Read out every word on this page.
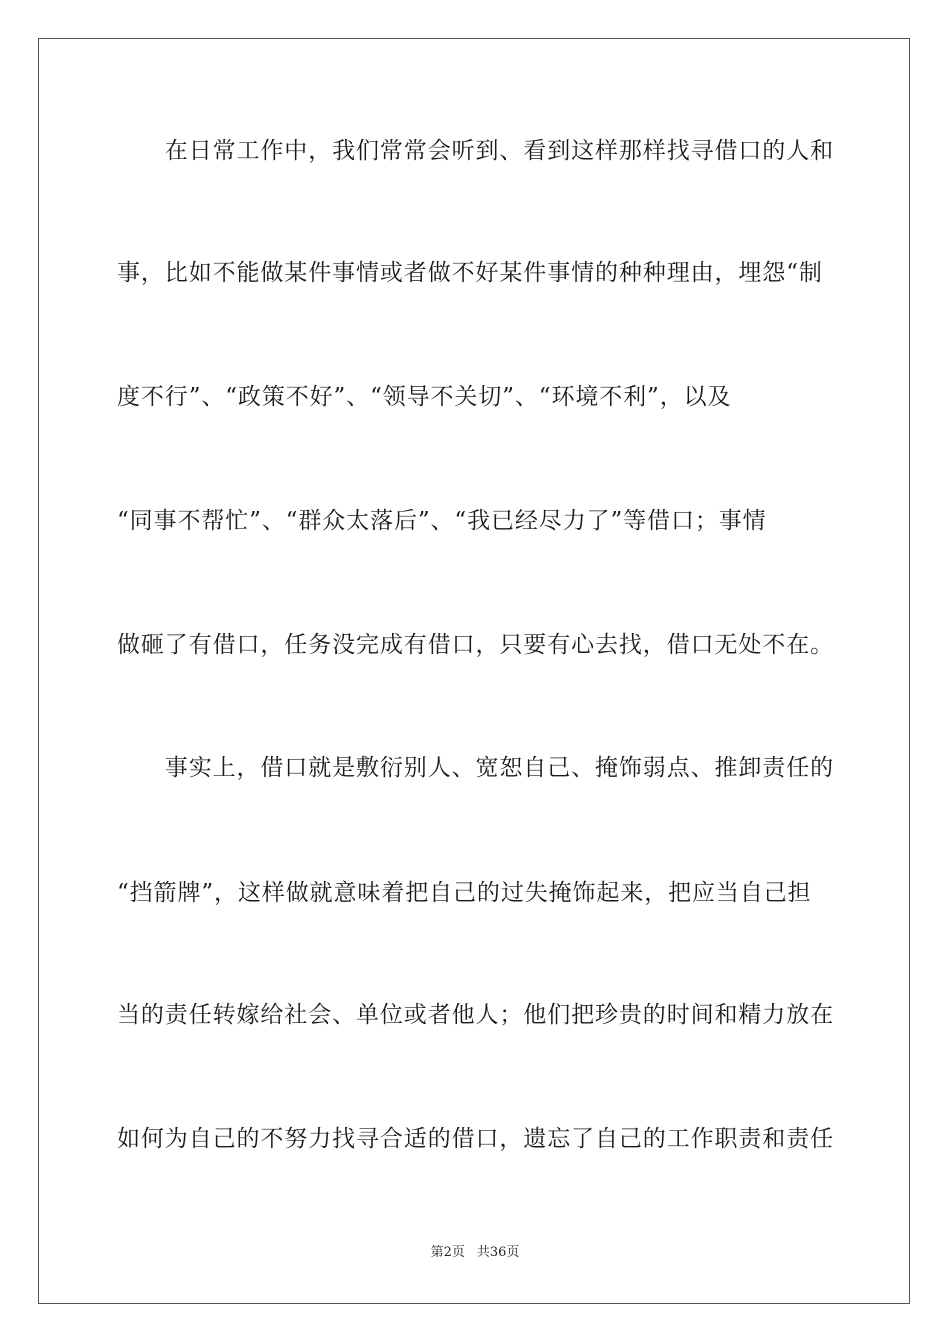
　　在日常工作中，我们常常会听到、看到这样那样找寻借口的人和
事，比如不能做某件事情或者做不好某件事情的种种理由，埋怨“制
度不行”、“政策不好”、“领导不关切”、“环境不利”，以及
“同事不帮忙”、“群众太落后”、“我已经尽力了”等借口；事情
做砸了有借口，任务没完成有借口，只要有心去找，借口无处不在。
　　事实上，借口就是敷衍别人、宽恕自己、掩饰弱点、推卸责任的
“挡箭牌”，这样做就意味着把自己的过失掩饰起来，把应当自己担
当的责任转嫁给社会、单位或者他人；他们把珍贵的时间和精力放在
如何为自己的不努力找寻合适的借口，遗忘了自己的工作职责和责任
第2页 共36页
